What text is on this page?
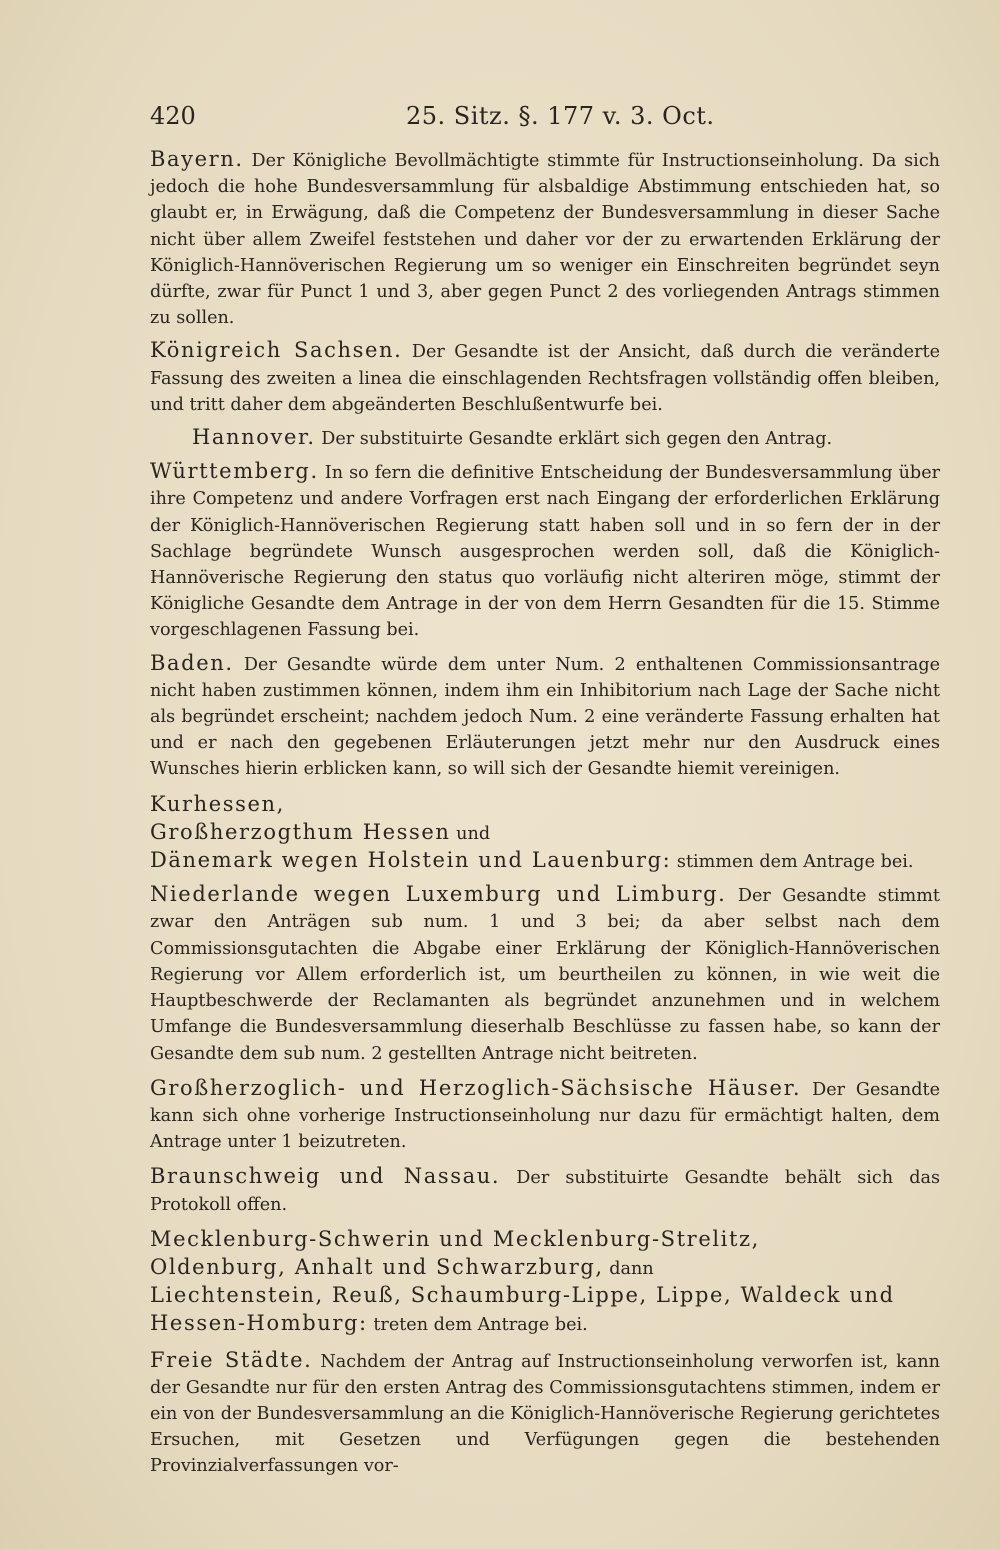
420	25. Sitz. §. 177 v. 3. Oct.

Bayern. Der Königliche Bevollmächtigte stimmte für Instructionseinholung. Da sich jedoch die hohe Bundesversammlung für alsbaldige Abstimmung entschieden hat, so glaubt er, in Erwägung, daß die Competenz der Bundesversammlung in dieser Sache nicht über allem Zweifel feststehen und daher vor der zu erwartenden Erklärung der Königlich-Hannöverischen Regierung um so weniger ein Einschreiten begründet seyn dürfte, zwar für Punct 1 und 3, aber gegen Punct 2 des vorliegenden Antrags stimmen zu sollen.

Königreich Sachsen. Der Gesandte ist der Ansicht, daß durch die veränderte Fassung des zweiten a linea die einschlagenden Rechtsfragen vollständig offen bleiben, und tritt daher dem abgeänderten Beschlußentwurfe bei.

Hannover. Der substituirte Gesandte erklärt sich gegen den Antrag.

Württemberg. In so fern die definitive Entscheidung der Bundesversammlung über ihre Competenz und andere Vorfragen erst nach Eingang der erforderlichen Erklärung der Königlich-Hannöverischen Regierung statt haben soll und in so fern der in der Sachlage begründete Wunsch ausgesprochen werden soll, daß die Königlich-Hannöverische Regierung den status quo vorläufig nicht alteriren möge, stimmt der Königliche Gesandte dem Antrage in der von dem Herrn Gesandten für die 15. Stimme vorgeschlagenen Fassung bei.

Baden. Der Gesandte würde dem unter Num. 2 enthaltenen Commissionsantrage nicht haben zustimmen können, indem ihm ein Inhibitorium nach Lage der Sache nicht als begründet erscheint; nachdem jedoch Num. 2 eine veränderte Fassung erhalten hat und er nach den gegebenen Erläuterungen jetzt mehr nur den Ausdruck eines Wunsches hierin erblicken kann, so will sich der Gesandte hiemit vereinigen.

Kurhessen,

Großherzogthum Hessen und

Dänemark wegen Holstein und Lauenburg: stimmen dem Antrage bei.

Niederlande wegen Luxemburg und Limburg. Der Gesandte stimmt zwar den Anträgen sub num. 1 und 3 bei; da aber selbst nach dem Commissionsgutachten die Abgabe einer Erklärung der Königlich-Hannöverischen Regierung vor Allem erforderlich ist, um beurtheilen zu können, in wie weit die Hauptbeschwerde der Reclamanten als begründet anzunehmen und in welchem Umfange die Bundesversammlung dieserhalb Beschlüsse zu fassen habe, so kann der Gesandte dem sub num. 2 gestellten Antrage nicht beitreten.

Großherzoglich- und Herzoglich-Sächsische Häuser. Der Gesandte kann sich ohne vorherige Instructionseinholung nur dazu für ermächtigt halten, dem Antrage unter 1 beizutreten.

Braunschweig und Nassau. Der substituirte Gesandte behält sich das Protokoll offen.

Mecklenburg-Schwerin und Mecklenburg-Strelitz,

Oldenburg, Anhalt und Schwarzburg, dann

Liechtenstein, Reuß, Schaumburg-Lippe, Lippe, Waldeck und

Hessen-Homburg: treten dem Antrage bei.

Freie Städte. Nachdem der Antrag auf Instructionseinholung verworfen ist, kann der Gesandte nur für den ersten Antrag des Commissionsgutachtens stimmen, indem er ein von der Bundesversammlung an die Königlich-Hannöverische Regierung gerichtetes Ersuchen, mit Gesetzen und Verfügungen gegen die bestehenden Provinzialverfassungen vor-
